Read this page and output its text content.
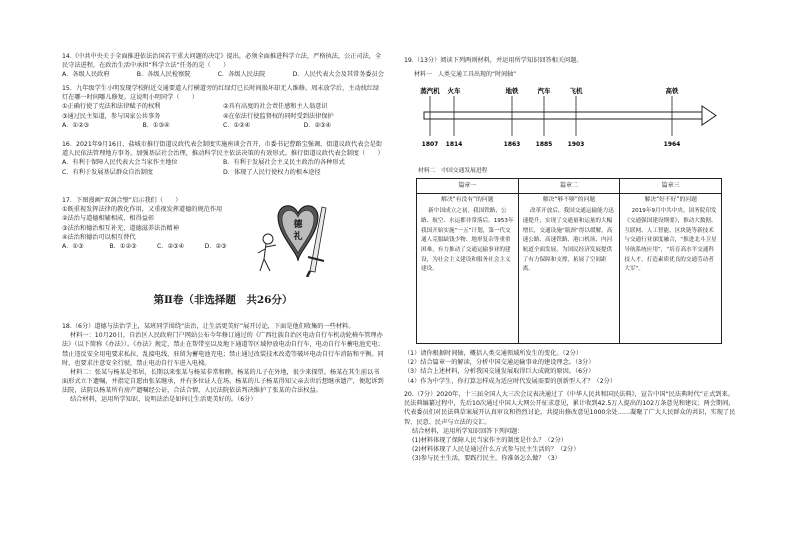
14.《中共中央关于全面推进依法治国若干重大问题的决定》提出，必须全面推进科学立法，严格执法，公正司法，全民守法进程，在政治生活中承担“科学立法”任务的是（　　）

A．各级人民政府	B．各级人民检察院	C．各级人民法院	D．人民代表大会及其常务委员会

15．九年级学生小明发现学校附近交通要道人行横道旁的红绿灯已长时间损坏却无人维修。周末放学后，主动找红绿灯在哪一时间哪儿修复。这说明小明同学（　　）

①正确行使了宪法和法律赋予的权利	②具有高度的社会责任感和主人翁意识
③通过民主渠道，参与国家公共事务	④在依法行使监督权的同时受到法律保护
A．①②③	B．①③④	C．①②④	D．②③④

16．2021年9月16日，盐城市推行街道议政代表会制度实施座谈会召开，市委书记曹路宝强调，街道议政代表会是街道人民依法管理地方事务，加强基层社会治理，推动科学民主依法决策的有效形式。推行街道议政代表会制度（　　）

A．有利于保障人民代表大会当家作主地位	B．有利于发展社会主义民主政治的各种形式
C．有利于发展基层群众自治制度	D．体现了人民行使权力的根本途径

17．下图漫画“双剑合璧”启示我们（　　）

①既重视发挥法律的教化作用，又重视发挥道德的规范作用

②法治与道德相辅相成、相得益彰

③法治和德治相互补充、道德滋养法治精神

④法治和德治可以相互替代

A．①③	B．①②③	C．②③④	D．②③
德
礼
第Ⅱ卷（非选择题　共26分）

18.（6分）道德与法治学上，某班同学围绕“法治，让生活更美好”展开讨论，下面是他们收集的一些材料。

材料一：10月20日，自治区人民政府门户网站公布今年修订通过的《广西壮族自治区电动自行车机动轮椅车管理办法》（以下简称《办法》）。《办法》规定，禁止在帮带室以及地下通道等区域停放电动自行车，电动自行车蓄电池充电；禁止违反安全用电要求私拉、乱接电线，驻留为蓄电池充电；禁止通过改装技术改造等破坏电动自行车消防和平衡。同时，也要求注意安全行驶，禁止电动自行车进入电梯。

材料二：张某与杨某是邻居，长期以来张某与杨某非常和睦。杨某的儿子在外地，很少来探望。杨某在其生前以书面形式立下遗嘱，并指定自愿由张某继承，并有多位证人在场。杨某的儿子杨某得知父亲去世后想继承遗产，便起诉到法院，法院以杨某所有房产遗嘱经公证，合法合情，人民法院依法判决维护了张某的合法权益。

结合材料，运用所学知识，说明法治是如何让生活更美好的。（6分）

19.（13分）阅读下列两则材料，并运用所学知识回答相关问题。
材料一　人类交通工具出现的“时间轴”
蒸汽机
1807
火车
1814
地铁
1863
汽车
1885
飞机
1903
高铁
1964
材料二　中国交通发展进程
篇章一
解决“有没有”的问题
新中国成立之初，我国铁路、公路、航空、水运都非常落后。1953年我国开始实施“一五”计划，第一代交通人克服缺钱少物、地形复杂等重重困难，有力推动了交通运输事业的建设，为社会主义建设和服务社会主义建设。
篇章二
解决“够不够”的问题
改革开放后，我国交通运输能力迅速提升，实现了交通量和运量的大幅增长，交通设施“瓶颈”得以缓解，高速公路、高速铁路、港口机场、内河航道全面发展，为国民经济发展提供了有力保障和支撑，拓展了空间距离。
篇章三
解决“好不好”的问题
2019年9月中共中央、国务院印发《交通强国建设纲要》，推动大数据、互联网、人工智能、区块链等新技术与交通行业深度融合，“推进北斗卫星导航系统应用”，“培育高水平交通科技人才，打造素质优良的交通劳动者大军”。

（1）请你根据时间轴，概括人类交通领域所发生的变化。（2分）

（2）结合篇章一的解读，分析中国交通运输事业的建设理念。（3分）

（3）结合上述材料，分析我国交通发展取得巨大成就的原因。（6分）

（4）作为中学生，你打算怎样成为适应时代发展需要的创新型人才？（2分）

20.（7分）2020年，十三届全国人大三次会议表决通过了《中华人民共和国民法典》，宣告中国“民法典时代”正式到来。民法典编纂过程中，先后10次通过中国人大网公开征求意见，累计收到42.5万人提出的102万条意见和建议；两会期间，代表委员们对民法典草案展开认真审议和热烈讨论，共提出修改意见1000余处……凝聚了广大人民群众的共识，实现了民智、民意、民声与立法的交汇。

结合材料，运用所学知识回答下列问题：

(1)材料体现了保障人民当家作主的制度是什么？（2分）

(2)材料体现了人民是通过什么方式参与民主生活的？（2分）

(3)参与民主生活，要践行民主，你准备怎么做？（3）
